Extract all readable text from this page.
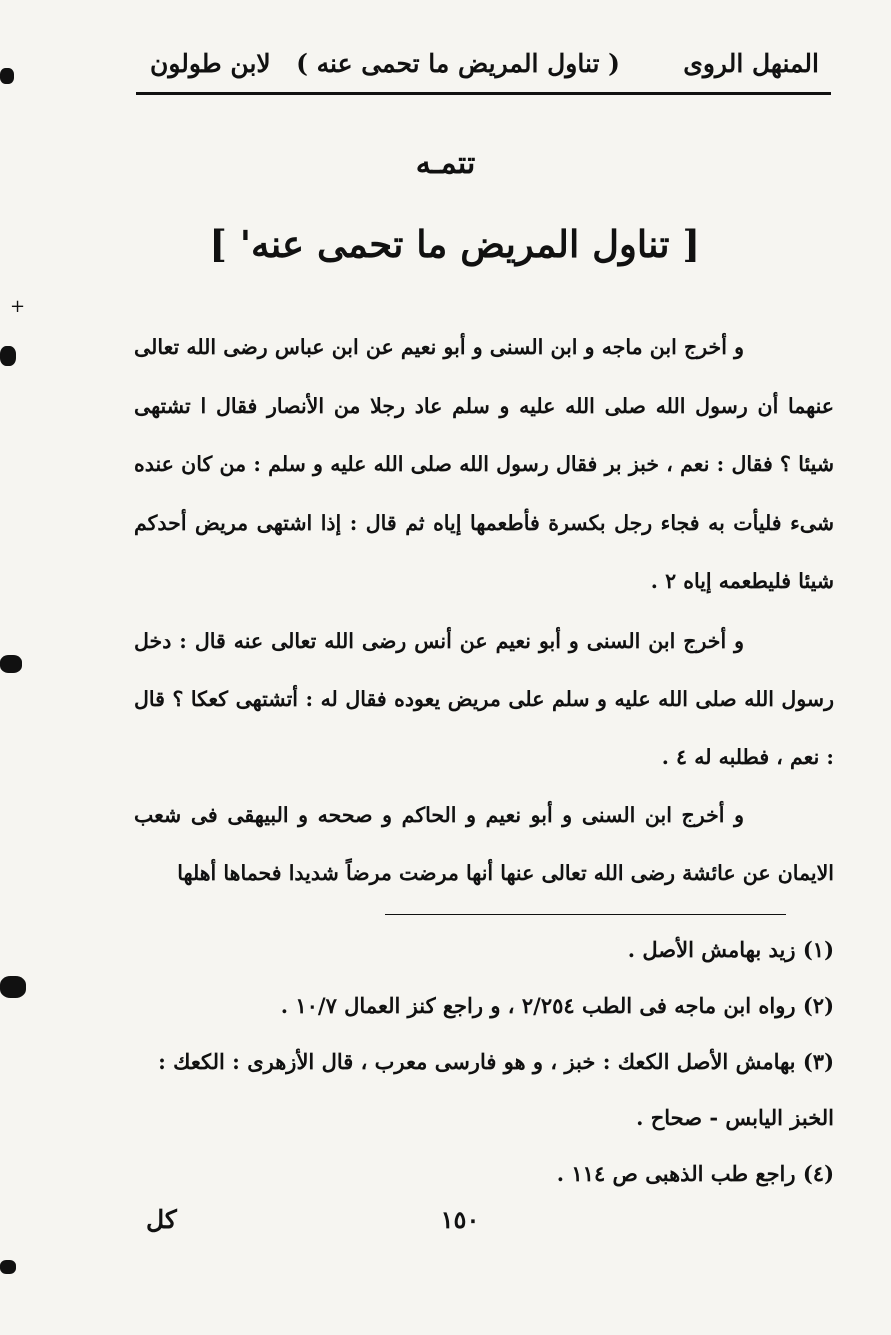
المنهل الروى
( تناول المريض ما تحمى عنه )
لابن طولون
تتمـه
[ تناول المريض ما تحمى عنه' ]
و أخرج ابن ماجه و ابن السنى و أبو نعيم عن ابن عباس رضى الله تعالى عنهما أن رسول الله صلى الله عليه و سلم عاد رجلا من الأنصار فقال ا تشتهى شيئا ؟ فقال : نعم ، خبز بر فقال رسول الله صلى الله عليه و سلم : من كان عنده شىء فليأت به فجاء رجل بكسرة فأطعمها إياه ثم قال : إذا اشتهى مريض أحدكم شيئا فليطعمه إياه ٢ .
و أخرج ابن السنى و أبو نعيم عن أنس رضى الله تعالى عنه قال : دخل رسول الله صلى الله عليه و سلم على مريض يعوده فقال له : أتشتهى كعكا ؟ قال : نعم ، فطلبه له ٤ .
و أخرج ابن السنى و أبو نعيم و الحاكم و صححه و البيهقى فى شعب الايمان عن عائشة رضى الله تعالى عنها أنها مرضت مرضاً شديدا فحماها أهلها
(١) زيد بهامش الأصل .
(٢) رواه ابن ماجه فى الطب ٢/٢٥٤ ، و راجع كنز العمال ١٠/٧ .
(٣) بهامش الأصل الكعك : خبز ، و هو فارسى معرب ، قال الأزهرى : الكعك :
الخبز اليابس - صحاح .
(٤) راجع طب الذهبى ص ١١٤ .
١٥٠
كل
+
